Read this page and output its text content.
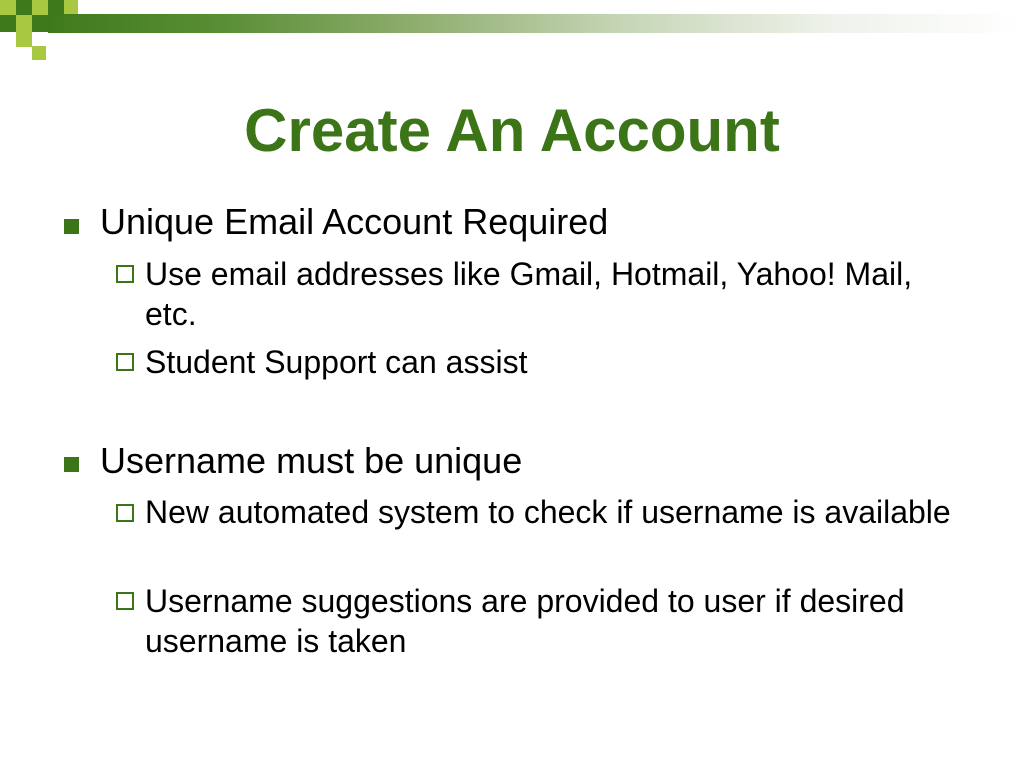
Create An Account
Unique Email Account Required
Use email addresses like Gmail, Hotmail, Yahoo! Mail, etc.
Student Support can assist
Username must be unique
New automated system to check if username is available
Username suggestions are provided to user if desired username is taken
